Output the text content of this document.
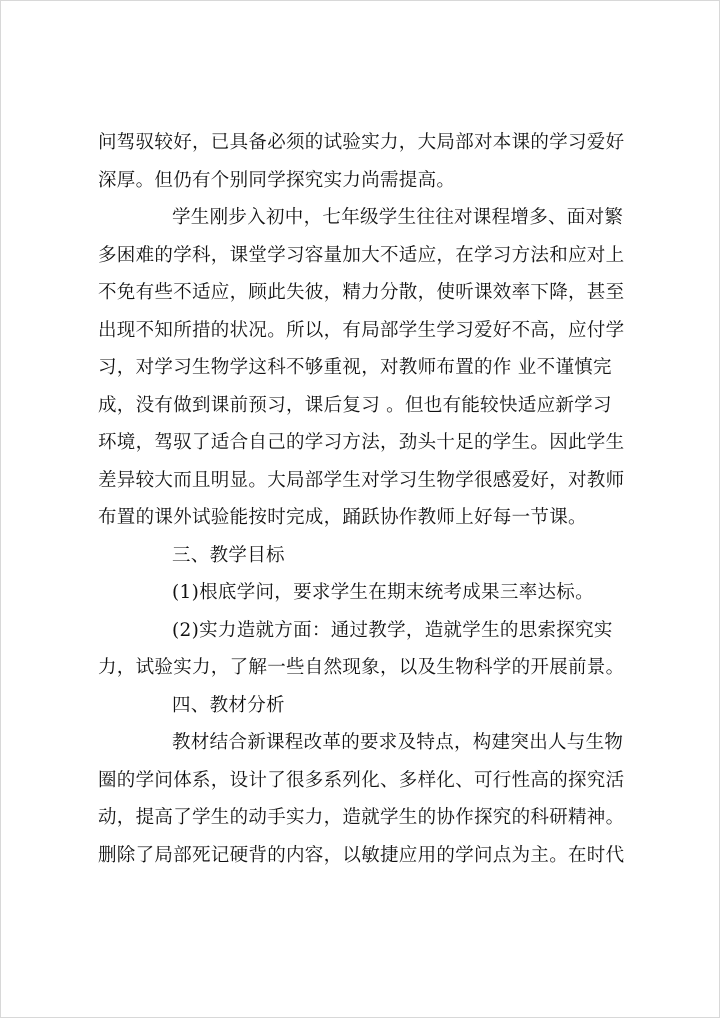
问驾驭较好，已具备必须的试验实力，大局部对本课的学习爱好
深厚。但仍有个别同学探究实力尚需提高。
学生刚步入初中，七年级学生往往对课程增多、面对繁
多困难的学科，课堂学习容量加大不适应，在学习方法和应对上
不免有些不适应，顾此失彼，精力分散，使听课效率下降，甚至
出现不知所措的状况。所以，有局部学生学习爱好不高，应付学
习，对学习生物学这科不够重视，对教师布置的作 业不谨慎完
成，没有做到课前预习，课后复习 。但也有能较快适应新学习
环境，驾驭了适合自己的学习方法，劲头十足的学生。因此学生
差异较大而且明显。大局部学生对学习生物学很感爱好，对教师
布置的课外试验能按时完成，踊跃协作教师上好每一节课。
三、教学目标
(1)根底学问，要求学生在期末统考成果三率达标。
(2)实力造就方面：通过教学，造就学生的思索探究实
力，试验实力，了解一些自然现象，以及生物科学的开展前景。
四、教材分析
教材结合新课程改革的要求及特点，构建突出人与生物
圈的学问体系，设计了很多系列化、多样化、可行性高的探究活
动，提高了学生的动手实力，造就学生的协作探究的科研精神。
删除了局部死记硬背的内容，以敏捷应用的学问点为主。在时代
